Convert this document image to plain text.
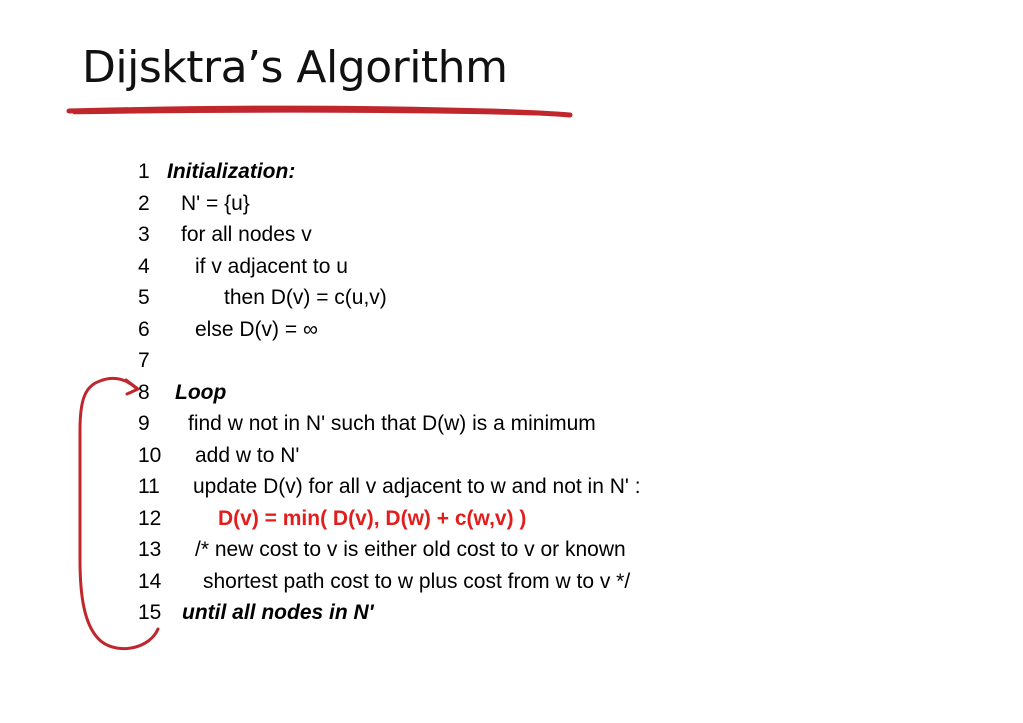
Dijsktra’s Algorithm

1

Initialization:

2

N' = {u}

3

for all nodes v

4

if v adjacent to u

5

	then D(v) = c(u,v)

6

else D(v) = ∞

7

8

Loop

9

find w not in N' such that D(w) is a minimum

10

add w to N'

11

update D(v) for all v adjacent to w and not in N' :

12

	D(v) = min( D(v), D(w) + c(w,v) )

13

/* new cost to v is either old cost to v or known

14

shortest path cost to w plus cost from w to v */

15

until all nodes in N'
